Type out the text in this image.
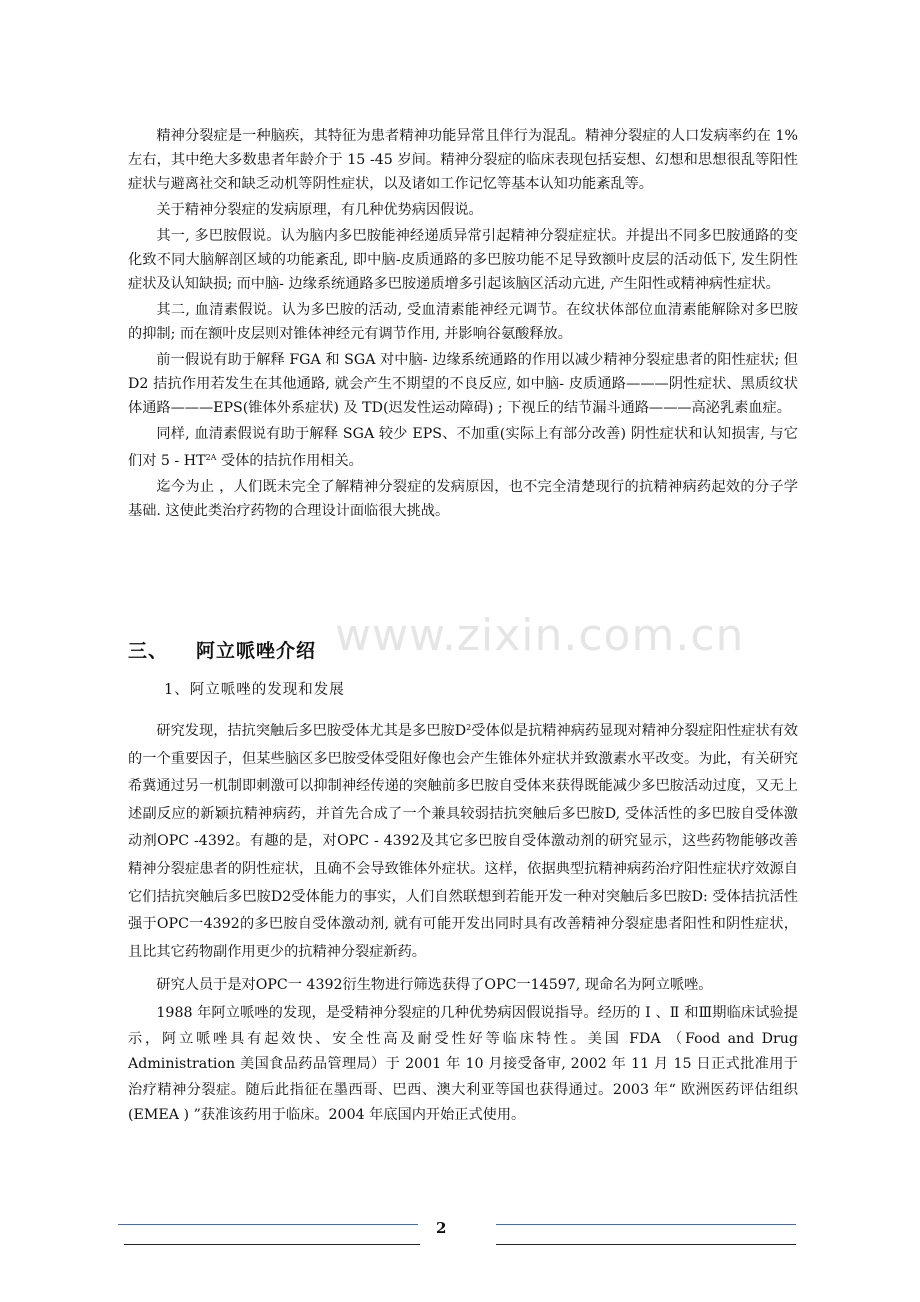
www.zixin.com.cn

精神分裂症是一种脑疾，其特征为患者精神功能异常且伴行为混乱。精神分裂症的人口发病率约在 1%左右，其中绝大多数患者年龄介于 15 -45 岁间。精神分裂症的临床表现包括妄想、幻想和思想很乱等阳性症状与避离社交和缺乏动机等阴性症状，以及诸如工作记忆等基本认知功能紊乱等。

关于精神分裂症的发病原理，有几种优势病因假说。

其一, 多巴胺假说。认为脑内多巴胺能神经递质异常引起精神分裂症症状。并提出不同多巴胺通路的变化致不同大脑解剖区域的功能紊乱, 即中脑-皮质通路的多巴胺功能不足导致额叶皮层的活动低下, 发生阴性症状及认知缺损; 而中脑- 边缘系统通路多巴胺递质增多引起该脑区活动亢进, 产生阳性或精神病性症状。

其二, 血清素假说。认为多巴胺的活动, 受血清素能神经元调节。在纹状体部位血清素能解除对多巴胺的抑制; 而在额叶皮层则对锥体神经元有调节作用, 并影响谷氨酸释放。

前一假说有助于解释 FGA 和 SGA 对中脑- 边缘系统通路的作用以减少精神分裂症患者的阳性症状; 但 D2 拮抗作用若发生在其他通路, 就会产生不期望的不良反应, 如中脑- 皮质通路———阴性症状、黑质纹状体通路———EPS(锥体外系症状) 及 TD(迟发性运动障碍) ; 下视丘的结节漏斗通路———高泌乳素血症。

同样, 血清素假说有助于解释 SGA 较少 EPS、不加重(实际上有部分改善) 阴性症状和认知损害, 与它们对 $5 - HT^{2A}$ 受体的拮抗作用相关。

迄今为止 ，人们既未完全了解精神分裂症的发病原因，也不完全清楚现行的抗精神病药起效的分子学基础. 这使此类治疗药物的合理设计面临很大挑战。

三、 阿立哌唑介绍
1、阿立哌唑的发现和发展

研究发现，拮抗突触后多巴胺受体尤其是多巴胺$D^2$受体似是抗精神病药显现对精神分裂症阳性症状有效的一个重要因子，但某些脑区多巴胺受体受阻好像也会产生锥体外症状并致激素水平改变。为此，有关研究希冀通过另一机制即刺激可以抑制神经传递的突触前多巴胺自受体来获得既能减少多巴胺活动过度，又无上述副反应的新颖抗精神病药，并首先合成了一个兼具较弱拮抗突触后多巴胺D, 受体活性的多巴胺自受体激动剂OPC -4392。有趣的是，对OPC - 4392及其它多巴胺自受体激动剂的研究显示，这些药物能够改善精神分裂症患者的阴性症状，且确不会导致锥体外症状。这样，依据典型抗精神病药治疗阳性症状疗效源自它们拮抗突触后多巴胺D2受体能力的事实，人们自然联想到若能开发一种对突触后多巴胺D: 受体拮抗活性强于OPC一4392的多巴胺自受体激动剂, 就有可能开发出同时具有改善精神分裂症患者阳性和阴性症状，且比其它药物副作用更少的抗精神分裂症新药。

研究人员于是对OPC一 4392衍生物进行筛选获得了OPC一14597, 现命名为阿立哌唑。

1988 年阿立哌唑的发现，是受精神分裂症的几种优势病因假说指导。经历的 Ⅰ 、Ⅱ 和Ⅲ期临床试验提示，阿立哌唑具有起效快、安全性高及耐受性好等临床特性。美国 FDA （Food and Drug Administration 美国食品药品管理局）于 2001 年 10 月接受备审, 2002 年 11 月 15 日正式批准用于治疗精神分裂症。随后此指征在墨西哥、巴西、澳大利亚等国也获得通过。2003 年“ 欧洲医药评估组织(EMEA ) ”获准该药用于临床。2004 年底国内开始正式使用。

2
